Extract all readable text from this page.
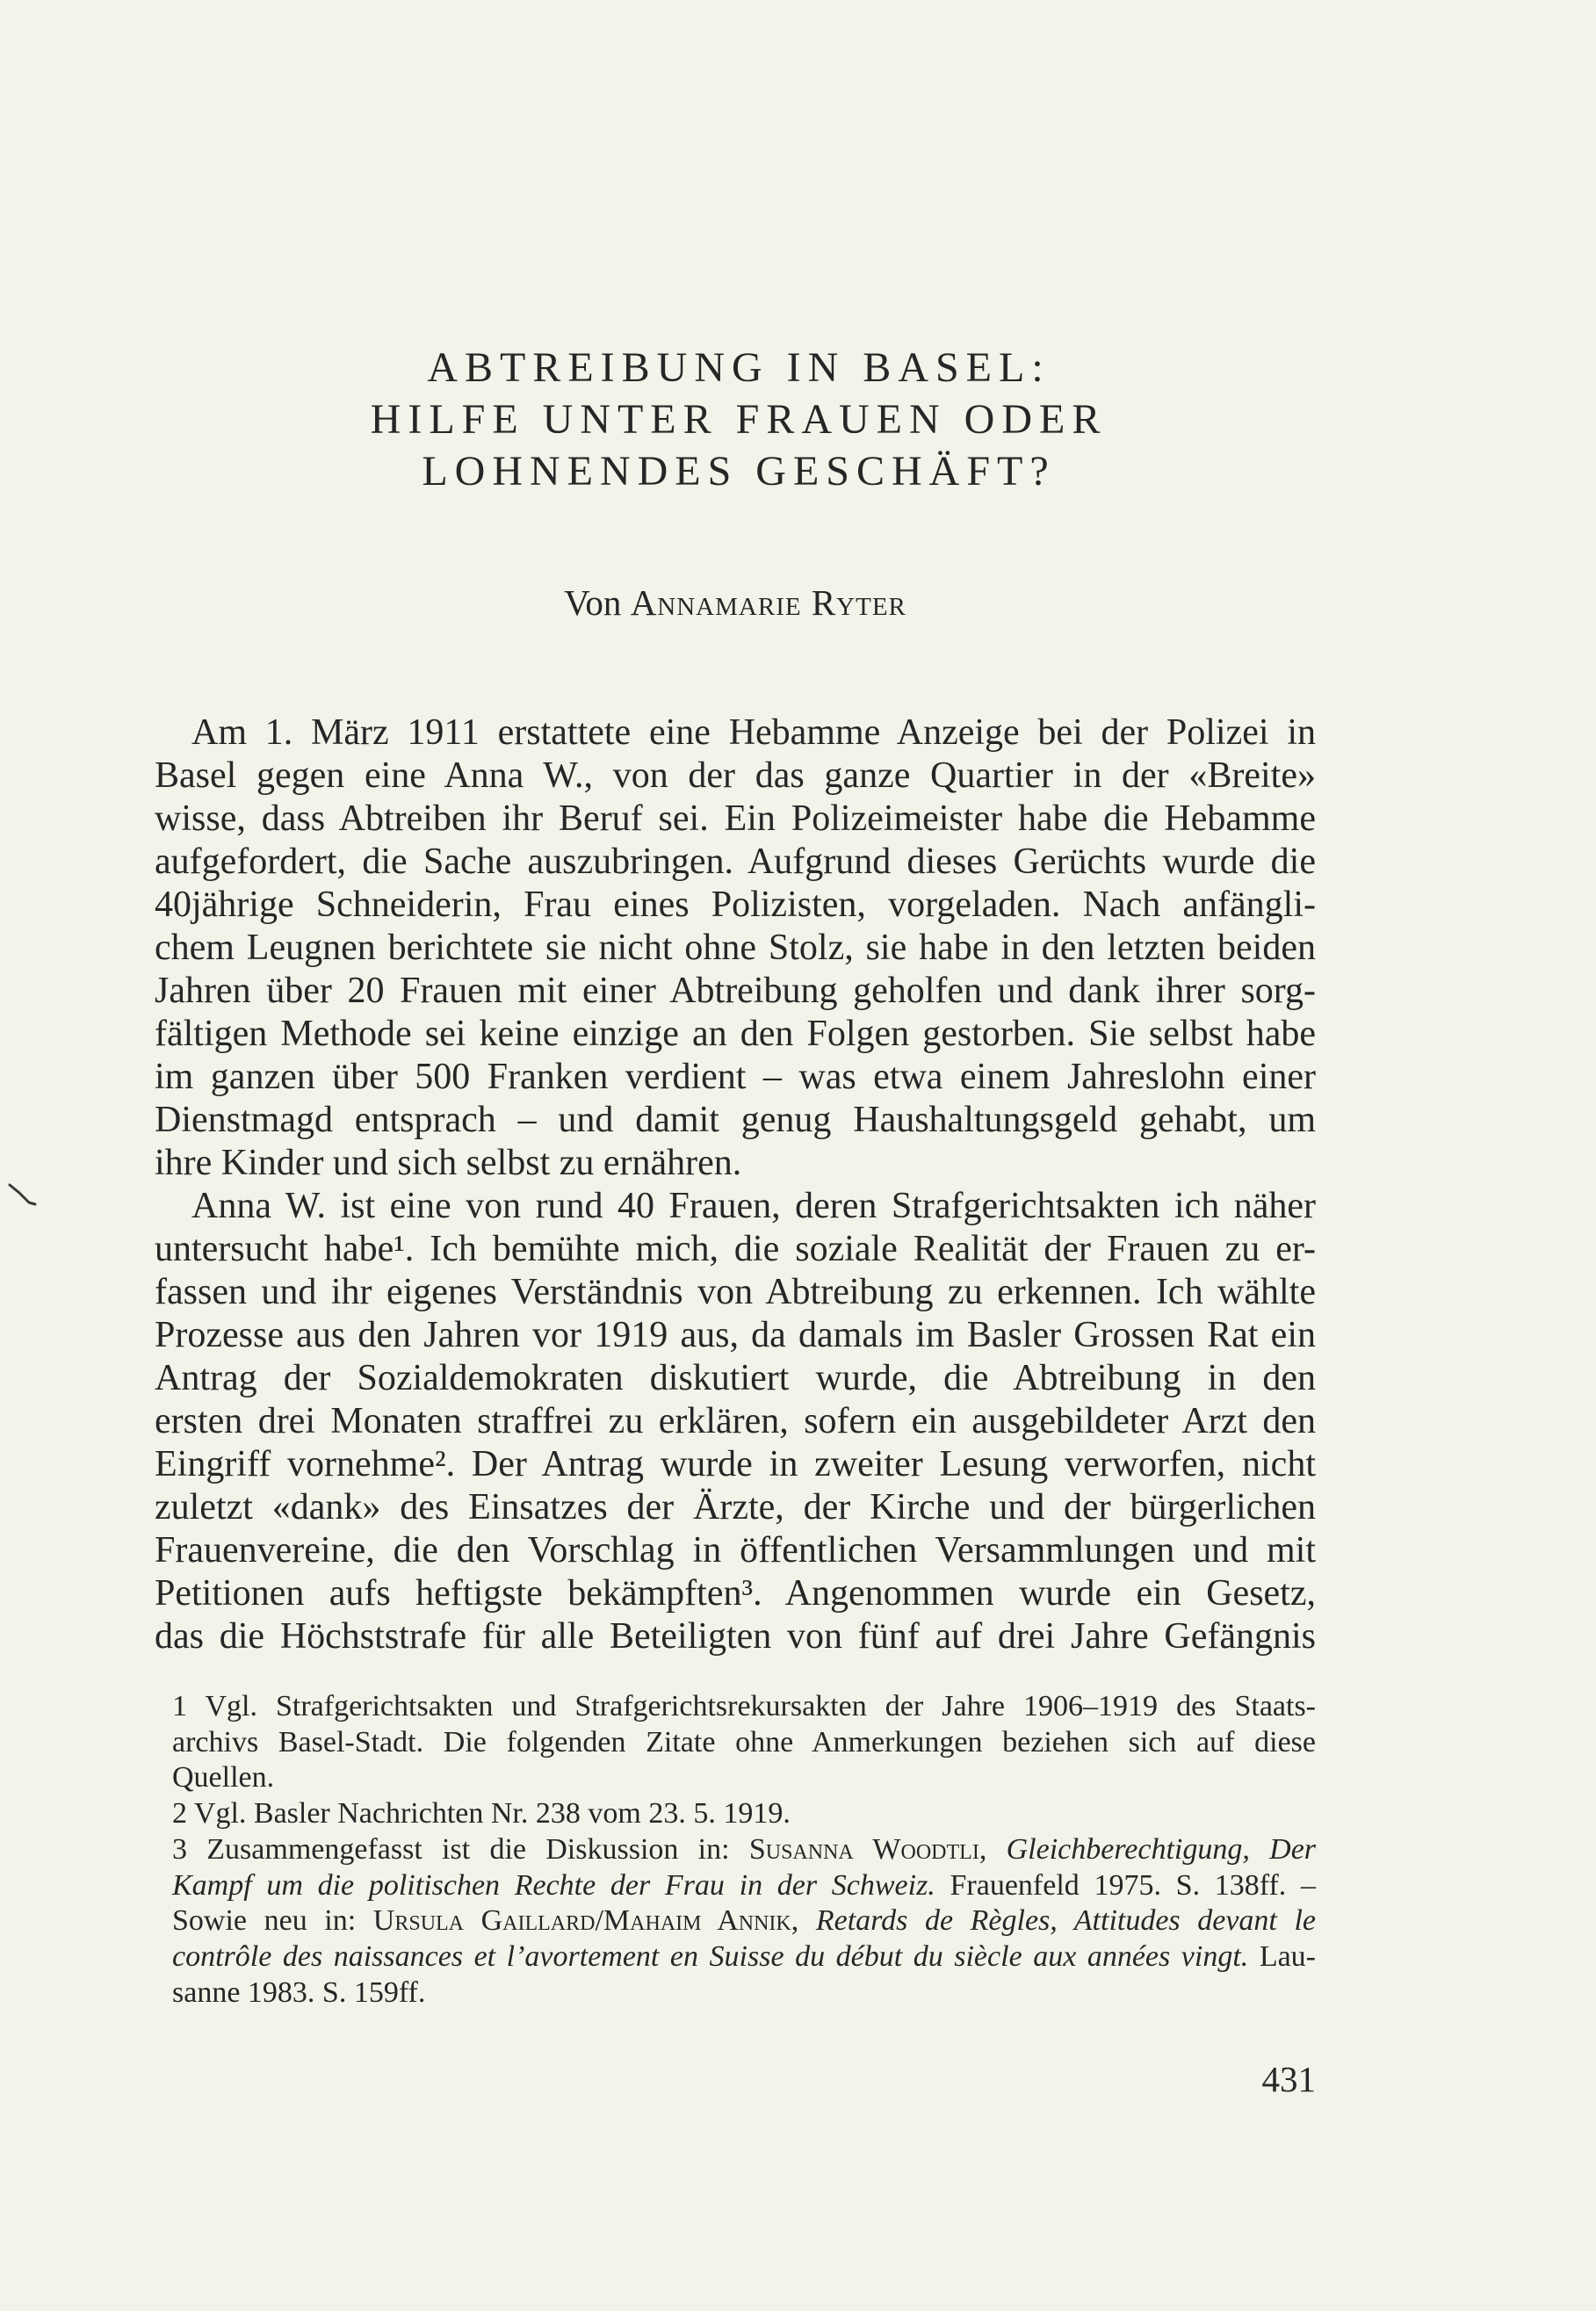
ABTREIBUNG IN BASEL:
HILFE UNTER FRAUEN ODER
LOHNENDES GESCHÄFT?
Von Annamarie Ryter
Am 1. März 1911 erstattete eine Hebamme Anzeige bei der Polizei in
Basel gegen eine Anna W., von der das ganze Quartier in der «Breite»
wisse, dass Abtreiben ihr Beruf sei. Ein Polizeimeister habe die Hebamme
aufgefordert, die Sache auszubringen. Aufgrund dieses Gerüchts wurde die
40jährige Schneiderin, Frau eines Polizisten, vorgeladen. Nach anfängli-
chem Leugnen berichtete sie nicht ohne Stolz, sie habe in den letzten beiden
Jahren über 20 Frauen mit einer Abtreibung geholfen und dank ihrer sorg-
fältigen Methode sei keine einzige an den Folgen gestorben. Sie selbst habe
im ganzen über 500 Franken verdient – was etwa einem Jahreslohn einer
Dienstmagd entsprach – und damit genug Haushaltungsgeld gehabt, um
ihre Kinder und sich selbst zu ernähren.
Anna W. ist eine von rund 40 Frauen, deren Strafgerichtsakten ich näher
untersucht habe¹. Ich bemühte mich, die soziale Realität der Frauen zu er-
fassen und ihr eigenes Verständnis von Abtreibung zu erkennen. Ich wählte
Prozesse aus den Jahren vor 1919 aus, da damals im Basler Grossen Rat ein
Antrag der Sozialdemokraten diskutiert wurde, die Abtreibung in den
ersten drei Monaten straffrei zu erklären, sofern ein ausgebildeter Arzt den
Eingriff vornehme². Der Antrag wurde in zweiter Lesung verworfen, nicht
zuletzt «dank» des Einsatzes der Ärzte, der Kirche und der bürgerlichen
Frauenvereine, die den Vorschlag in öffentlichen Versammlungen und mit
Petitionen aufs heftigste bekämpften³. Angenommen wurde ein Gesetz,
das die Höchststrafe für alle Beteiligten von fünf auf drei Jahre Gefängnis
1 Vgl. Strafgerichtsakten und Strafgerichtsrekursakten der Jahre 1906–1919 des Staats-
archivs Basel-Stadt. Die folgenden Zitate ohne Anmerkungen beziehen sich auf diese
Quellen.
2 Vgl. Basler Nachrichten Nr. 238 vom 23. 5. 1919.
3 Zusammengefasst ist die Diskussion in: Susanna Woodtli, Gleichberechtigung, Der
Kampf um die politischen Rechte der Frau in der Schweiz. Frauenfeld 1975. S. 138ff. –
Sowie neu in: Ursula Gaillard/Mahaim Annik, Retards de Règles, Attitudes devant le
contrôle des naissances et l’avortement en Suisse du début du siècle aux années vingt. Lau-
sanne 1983. S. 159ff.
431
